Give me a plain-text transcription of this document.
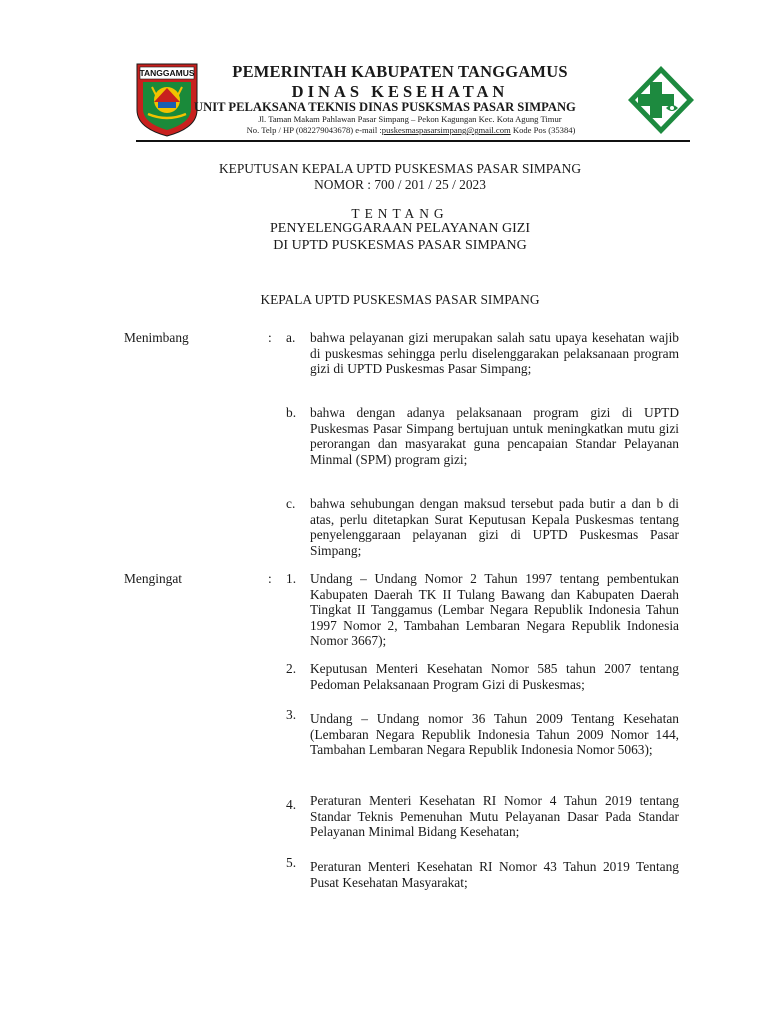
TANGGAMUS	PEMERINTAH KABUPATEN TANGGAMUS
DINAS KESEHATAN
UNIT PELAKSANA TEKNIS DINAS PUSKSMAS PASAR SIMPANG
Jl. Taman Makam Pahlawan Pasar Simpang – Pekon Kagungan Kec. Kota Agung Timur
No. Telp / HP (082279043678) e-mail :puskesmaspasarsimpang@gmail.com Kode Pos (35384)
KEPUTUSAN KEPALA UPTD PUSKESMAS PASAR SIMPANG
NOMOR : 700 / 201 / 25 / 2023
TENTANG
PENYELENGGARAAN PELAYANAN GIZI
DI UPTD PUSKESMAS PASAR SIMPANG
KEPALA UPTD PUSKESMAS PASAR SIMPANG
Menimbang	: a. bahwa pelayanan gizi merupakan salah satu upaya kesehatan wajib di puskesmas sehingga perlu diselenggarakan pelaksanaan program gizi di UPTD Puskesmas Pasar Simpang;
b. bahwa dengan adanya pelaksanaan program gizi di UPTD Puskesmas Pasar Simpang bertujuan untuk meningkatkan mutu gizi perorangan dan masyarakat guna pencapaian Standar Pelayanan Minmal (SPM) program gizi;
c. bahwa sehubungan dengan maksud tersebut pada butir a dan b di atas, perlu ditetapkan Surat Keputusan Kepala Puskesmas tentang penyelenggaraan pelayanan gizi di UPTD Puskesmas Pasar Simpang;
Mengingat	: 1. Undang – Undang Nomor 2 Tahun 1997 tentang pembentukan Kabupaten Daerah TK II Tulang Bawang dan Kabupaten Daerah Tingkat II Tanggamus (Lembar Negara Republik Indonesia Tahun 1997 Nomor 2, Tambahan Lembaran Negara Republik Indonesia Nomor 3667);
2. Keputusan Menteri Kesehatan Nomor 585 tahun 2007 tentang Pedoman Pelaksanaan Program Gizi di Puskesmas;
3. Undang – Undang nomor 36 Tahun 2009 Tentang Kesehatan (Lembaran Negara Republik Indonesia Tahun 2009 Nomor 144, Tambahan Lembaran Negara Republik Indonesia Nomor 5063);
4. Peraturan Menteri Kesehatan RI Nomor 4 Tahun 2019 tentang Standar Teknis Pemenuhan Mutu Pelayanan Dasar Pada Standar Pelayanan Minimal Bidang Kesehatan;
5. Peraturan Menteri Kesehatan RI Nomor 43 Tahun 2019 Tentang Pusat Kesehatan Masyarakat;
